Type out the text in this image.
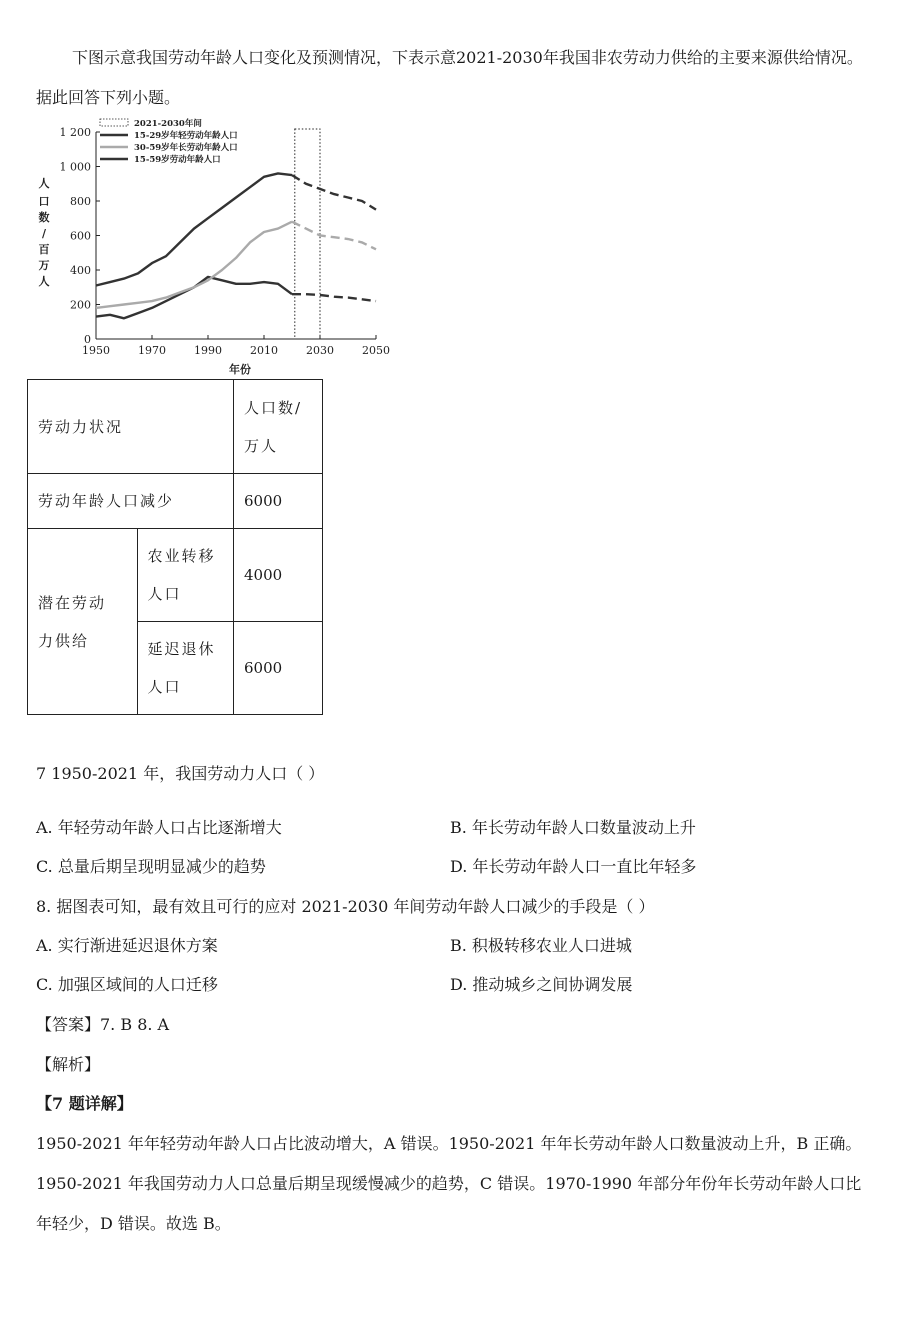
下图示意我国劳动年龄人口变化及预测情况，下表示意2021-2030年我国非农劳动力供给的主要来源供给情况。据此回答下列小题。
0
200
400
600
800
1 000
1 200
1950	1970	1990	2010	2030	2050
2021-2030年间
15-29岁年轻劳动年龄人口
30-59岁年长劳动年龄人口
15-59岁劳动年龄人口
人
口
数
/
百
万
人
年份
劳动力状况		人口数/万人

劳动年龄人口减少		6000

潜在劳动力供给	农业转移人口	4000

	延迟退休人口	6000
7 1950-2021 年，我国劳动力人口（ ）
A. 年轻劳动年龄人口占比逐渐增大	B. 年长劳动年龄人口数量波动上升
C. 总量后期呈现明显减少的趋势	D. 年长劳动年龄人口一直比年轻多
8. 据图表可知，最有效且可行的应对 2021-2030 年间劳动年龄人口减少的手段是（ ）
A. 实行渐进延迟退休方案	B. 积极转移农业人口进城
C. 加强区域间的人口迁移	D. 推动城乡之间协调发展
【答案】7. B 8. A
【解析】
【7 题详解】
1950-2021 年年轻劳动年龄人口占比波动增大，A 错误。1950-2021 年年长劳动年龄人口数量波动上升，B 正确。1950-2021 年我国劳动力人口总量后期呈现缓慢减少的趋势，C 错误。1970-1990 年部分年份年长劳动年龄人口比年轻少，D 错误。故选 B。
